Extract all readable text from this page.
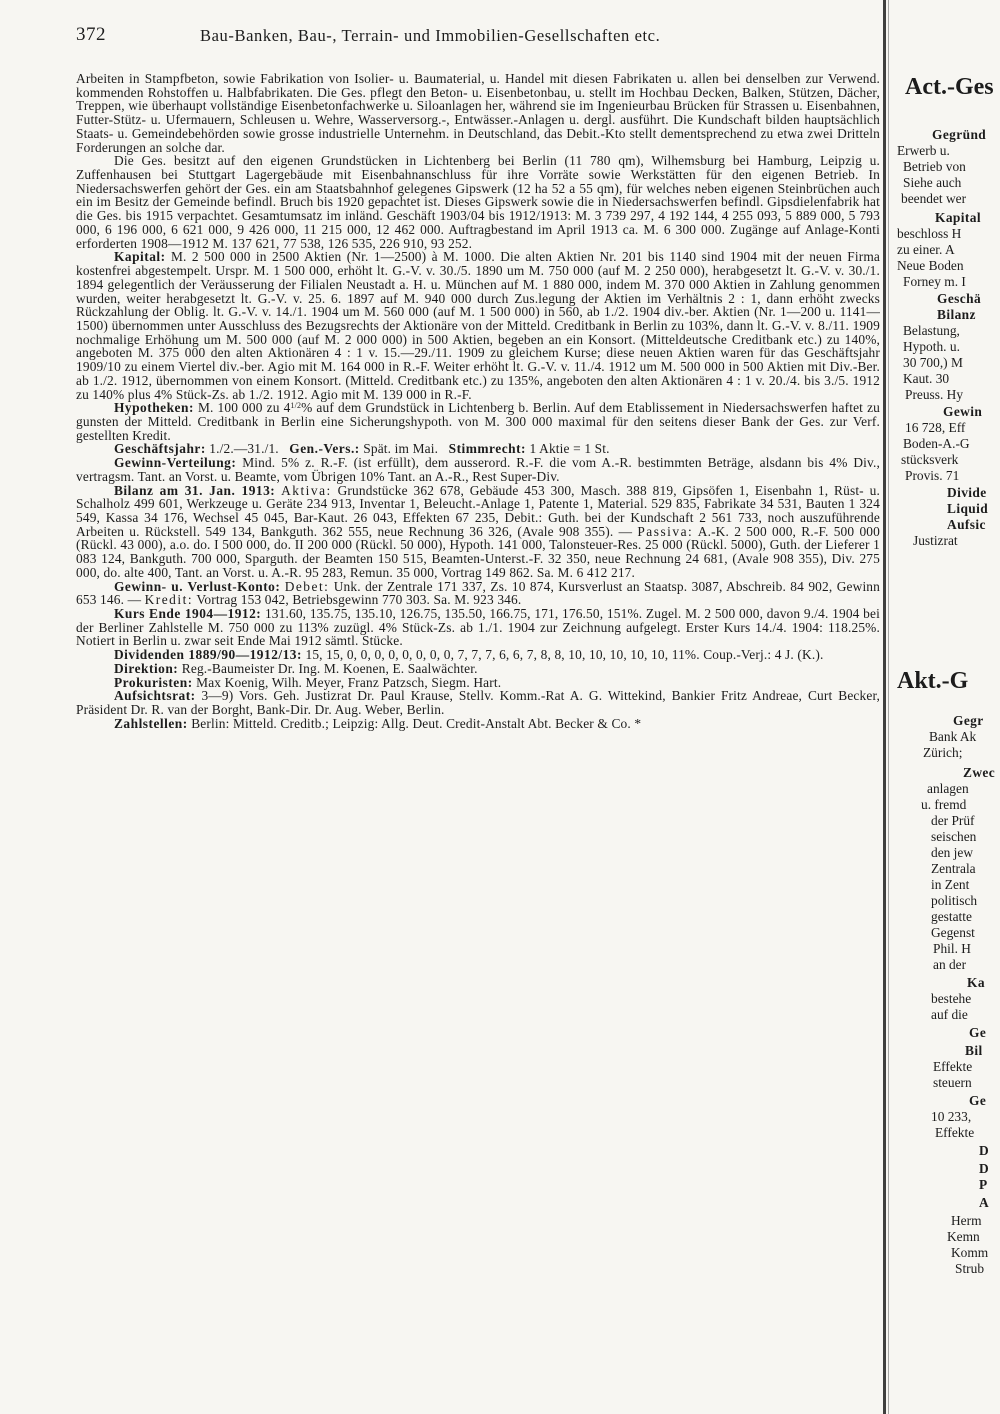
372	Bau-Banken, Bau-, Terrain- und Immobilien-Gesellschaften etc.

Arbeiten in Stampfbeton, sowie Fabrikation von Isolier- u. Baumaterial, u. Handel mit diesen Fabrikaten u. allen bei denselben zur Verwend. kommenden Rohstoffen u. Halbfabrikaten. Die Ges. pflegt den Beton- u. Eisenbetonbau, u. stellt im Hochbau Decken, Balken, Stützen, Dächer, Treppen, wie überhaupt vollständige Eisenbetonfachwerke u. Siloanlagen her, während sie im Ingenieurbau Brücken für Strassen u. Eisenbahnen, Futter-Stütz- u. Ufermauern, Schleusen u. Wehre, Wasserversorg.-, Entwässer.-Anlagen u. dergl. ausführt. Die Kundschaft bilden hauptsächlich Staats- u. Gemeindebehörden sowie grosse industrielle Unternehm. in Deutschland, das Debit.-Kto stellt dementsprechend zu etwa zwei Dritteln Forderungen an solche dar.

Die Ges. besitzt auf den eigenen Grundstücken in Lichtenberg bei Berlin (11 780 qm), Wilhemsburg bei Hamburg, Leipzig u. Zuffenhausen bei Stuttgart Lagergebäude mit Eisenbahnanschluss für ihre Vorräte sowie Werkstätten für den eigenen Betrieb. In Niedersachswerfen gehört der Ges. ein am Staatsbahnhof gelegenes Gipswerk (12 ha 52 a 55 qm), für welches neben eigenen Steinbrüchen auch ein im Besitz der Gemeinde befindl. Bruch bis 1920 gepachtet ist. Dieses Gipswerk sowie die in Niedersachswerfen befindl. Gipsdielenfabrik hat die Ges. bis 1915 verpachtet. Gesamtumsatz im inländ. Geschäft 1903/04 bis 1912/1913: M. 3 739 297, 4 192 144, 4 255 093, 5 889 000, 5 793 000, 6 196 000, 6 621 000, 9 426 000, 11 215 000, 12 462 000. Auftragbestand im April 1913 ca. M. 6 300 000. Zugänge auf Anlage-Konti erforderten 1908—1912 M. 137 621, 77 538, 126 535, 226 910, 93 252.

Kapital: M. 2 500 000 in 2500 Aktien (Nr. 1—2500) à M. 1000. Die alten Aktien Nr. 201 bis 1140 sind 1904 mit der neuen Firma kostenfrei abgestempelt. Urspr. M. 1 500 000, erhöht lt. G.-V. v. 30./5. 1890 um M. 750 000 (auf M. 2 250 000), herabgesetzt lt. G.-V. v. 30./1. 1894 gelegentlich der Veräusserung der Filialen Neustadt a. H. u. München auf M. 1 880 000, indem M. 370 000 Aktien in Zahlung genommen wurden, weiter herabgesetzt lt. G.-V. v. 25. 6. 1897 auf M. 940 000 durch Zus.legung der Aktien im Verhältnis 2 : 1, dann erhöht zwecks Rückzahlung der Oblig. lt. G.-V. v. 14./1. 1904 um M. 560 000 (auf M. 1 500 000) in 560, ab 1./2. 1904 div.-ber. Aktien (Nr. 1—200 u. 1141—1500) übernommen unter Ausschluss des Bezugsrechts der Aktionäre von der Mitteld. Creditbank in Berlin zu 103%, dann lt. G.-V. v. 8./11. 1909 nochmalige Erhöhung um M. 500 000 (auf M. 2 000 000) in 500 Aktien, begeben an ein Konsort. (Mitteldeutsche Creditbank etc.) zu 140%, angeboten M. 375 000 den alten Aktionären 4 : 1 v. 15.—29./11. 1909 zu gleichem Kurse; diese neuen Aktien waren für das Geschäftsjahr 1909/10 zu einem Viertel div.-ber. Agio mit M. 164 000 in R.-F. Weiter erhöht lt. G.-V. v. 11./4. 1912 um M. 500 000 in 500 Aktien mit Div.-Ber. ab 1./2. 1912, übernommen von einem Konsort. (Mitteld. Creditbank etc.) zu 135%, angeboten den alten Aktionären 4 : 1 v. 20./4. bis 3./5. 1912 zu 140% plus 4% Stück-Zs. ab 1./2. 1912. Agio mit M. 139 000 in R.-F.

Hypotheken: M. 100 000 zu $4^{1/2}\%$ auf dem Grundstück in Lichtenberg b. Berlin. Auf dem Etablissement in Niedersachswerfen haftet zu gunsten der Mitteld. Creditbank in Berlin eine Sicherungshypoth. von M. 300 000 maximal für den seitens dieser Bank der Ges. zur Verf. gestellten Kredit.

Geschäftsjahr: 1./2.—31./1. Gen.-Vers.: Spät. im Mai. Stimmrecht: 1 Aktie = 1 St.

Gewinn-Verteilung: Mind. 5% z. R.-F. (ist erfüllt), dem ausserord. R.-F. die vom A.-R. bestimmten Beträge, alsdann bis 4% Div., vertragsm. Tant. an Vorst. u. Beamte, vom Übrigen 10% Tant. an A.-R., Rest Super-Div.

Bilanz am 31. Jan. 1913: Aktiva: Grundstücke 362 678, Gebäude 453 300, Masch. 388 819, Gipsöfen 1, Eisenbahn 1, Rüst- u. Schalholz 499 601, Werkzeuge u. Geräte 234 913, Inventar 1, Beleucht.-Anlage 1, Patente 1, Material. 529 835, Fabrikate 34 531, Bauten 1 324 549, Kassa 34 176, Wechsel 45 045, Bar-Kaut. 26 043, Effekten 67 235, Debit.: Guth. bei der Kundschaft 2 561 733, noch auszuführende Arbeiten u. Rückstell. 549 134, Bankguth. 362 555, neue Rechnung 36 326, (Avale 908 355). — Passiva: A.-K. 2 500 000, R.-F. 500 000 (Rückl. 43 000), a.o. do. I 500 000, do. II 200 000 (Rückl. 50 000), Hypoth. 141 000, Talonsteuer-Res. 25 000 (Rückl. 5000), Guth. der Lieferer 1 083 124, Bankguth. 700 000, Sparguth. der Beamten 150 515, Beamten-Unterst.-F. 32 350, neue Rechnung 24 681, (Avale 908 355), Div. 275 000, do. alte 400, Tant. an Vorst. u. A.-R. 95 283, Remun. 35 000, Vortrag 149 862. Sa. M. 6 412 217.

Gewinn- u. Verlust-Konto: Debet: Unk. der Zentrale 171 337, Zs. 10 874, Kursverlust an Staatsp. 3087, Abschreib. 84 902, Gewinn 653 146. — Kredit: Vortrag 153 042, Betriebsgewinn 770 303. Sa. M. 923 346.

Kurs Ende 1904—1912: 131.60, 135.75, 135.10, 126.75, 135.50, 166.75, 171, 176.50, 151%. Zugel. M. 2 500 000, davon 9./4. 1904 bei der Berliner Zahlstelle M. 750 000 zu 113% zuzügl. 4% Stück-Zs. ab 1./1. 1904 zur Zeichnung aufgelegt. Erster Kurs 14./4. 1904: 118.25%. Notiert in Berlin u. zwar seit Ende Mai 1912 sämtl. Stücke.

Dividenden 1889/90—1912/13: 15, 15, 0, 0, 0, 0, 0, 0, 0, 0, 7, 7, 7, 6, 6, 7, 8, 8, 10, 10, 10, 10, 10, 11%. Coup.-Verj.: 4 J. (K.).

Direktion: Reg.-Baumeister Dr. Ing. M. Koenen, E. Saalwächter.

Prokuristen: Max Koenig, Wilh. Meyer, Franz Patzsch, Siegm. Hart.

Aufsichtsrat: 3—9) Vors. Geh. Justizrat Dr. Paul Krause, Stellv. Komm.-Rat A. G. Wittekind, Bankier Fritz Andreae, Curt Becker, Präsident Dr. R. van der Borght, Bank-Dir. Dr. Aug. Weber, Berlin.

Zahlstellen: Berlin: Mitteld. Creditb.; Leipzig: Allg. Deut. Credit-Anstalt Abt. Becker & Co. *

Act.-Ges
Gegründ
Erwerb u.
Betrieb von
Siehe auch
beendet wer
Kapital
beschloss H
zu einer. A
Neue Boden
Forney m. I
Geschä
Bilanz
Belastung,
Hypoth. u.
30 700,) M
Kaut. 30
Preuss. Hy
Gewin
16 728, Eff
Boden-A.-G
stücksverk
Provis. 71
Divide
Liquid
Aufsic
Justizrat
Akt.-G
Gegr
Bank Ak
Zürich;
Zwec
anlagen
u. fremd
der Prüf
seischen
den jew
Zentrala
in Zent
politisch
gestatte
Gegenst
Phil. H
an der
Ka
bestehe
auf die
Ge
Bil
Effekte
steuern
Ge
10 233,
Effekte
D
D
P
A
Herm
Kemn
Komm
Strub
